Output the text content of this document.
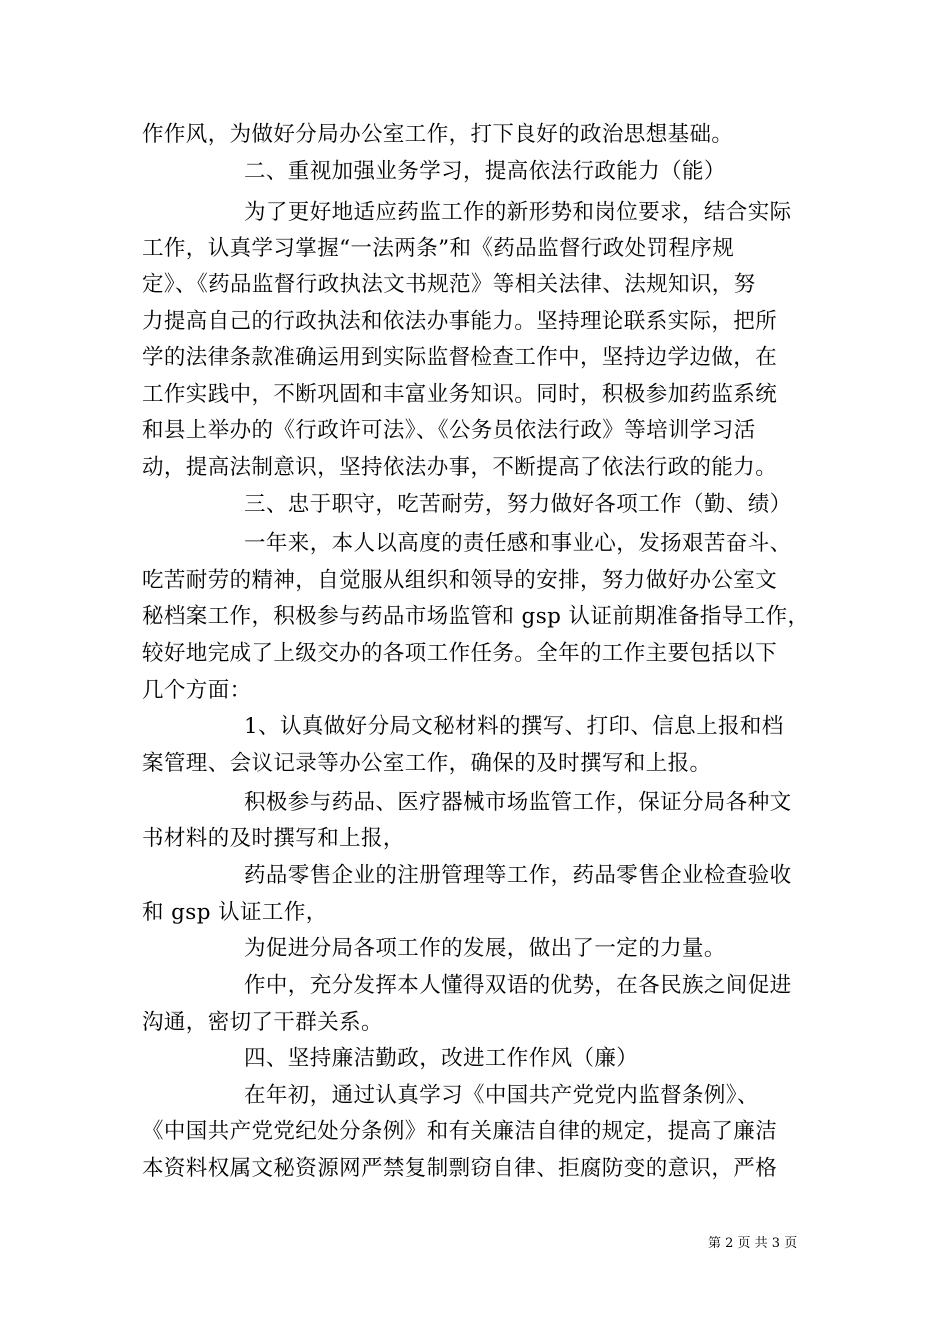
作作风，为做好分局办公室工作，打下良好的政治思想基础。
二、重视加强业务学习，提高依法行政能力（能）
为了更好地适应药监工作的新形势和岗位要求，结合实际
工作，认真学习掌握“一法两条”和《药品监督行政处罚程序规
定》、《药品监督行政执法文书规范》等相关法律、法规知识，努
力提高自己的行政执法和依法办事能力。坚持理论联系实际，把所
学的法律条款准确运用到实际监督检查工作中，坚持边学边做，在
工作实践中，不断巩固和丰富业务知识。同时，积极参加药监系统
和县上举办的《行政许可法》、《公务员依法行政》等培训学习活
动，提高法制意识，坚持依法办事，不断提高了依法行政的能力。
三、忠于职守，吃苦耐劳，努力做好各项工作（勤、绩）
一年来，本人以高度的责任感和事业心，发扬艰苦奋斗、
吃苦耐劳的精神，自觉服从组织和领导的安排，努力做好办公室文
秘档案工作，积极参与药品市场监管和 gsp 认证前期准备指导工作，
较好地完成了上级交办的各项工作任务。全年的工作主要包括以下
几个方面：
1、认真做好分局文秘材料的撰写、打印、信息上报和档
案管理、会议记录等办公室工作，确保的及时撰写和上报。
积极参与药品、医疗器械市场监管工作，保证分局各种文
书材料的及时撰写和上报，
药品零售企业的注册管理等工作，药品零售企业检查验收
和 gsp 认证工作，
为促进分局各项工作的发展，做出了一定的力量。
作中，充分发挥本人懂得双语的优势，在各民族之间促进
沟通，密切了干群关系。
四、坚持廉洁勤政，改进工作作风（廉）
在年初，通过认真学习《中国共产党党内监督条例》、
《中国共产党党纪处分条例》和有关廉洁自律的规定，提高了廉洁
本资料权属文秘资源网严禁复制剽窃自律、拒腐防变的意识，严格
第 2 页 共 3 页
